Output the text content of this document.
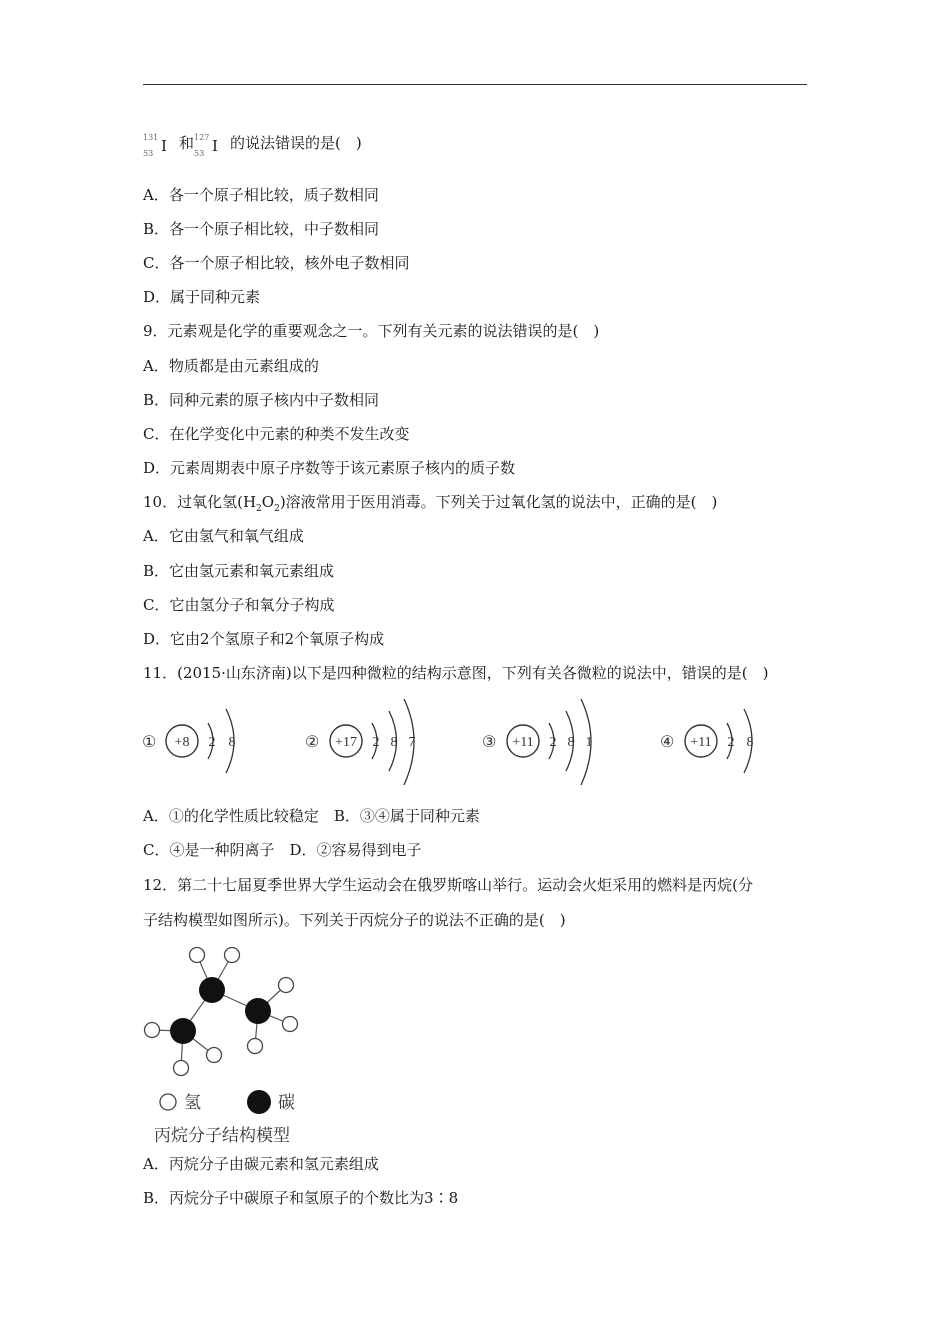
131
53 I 和 127
53 I 的说法错误的是(　)
A．各一个原子相比较，质子数相同
B．各一个原子相比较，中子数相同
C．各一个原子相比较，核外电子数相同
D．属于同种元素
9．元素观是化学的重要观念之一。下列有关元素的说法错误的是(　)
A．物质都是由元素组成的
B．同种元素的原子核内中子数相同
C．在化学变化中元素的种类不发生改变
D．元素周期表中原子序数等于该元素原子核内的质子数
10．过氧化氢$(H_2O_2)$溶液常用于医用消毒。下列关于过氧化氢的说法中，正确的是(　)
A．它由氢气和氧气组成
B．它由氢元素和氧元素组成
C．它由氢分子和氧分子构成
D．它由2个氢原子和2个氧原子构成
11．(2015·山东济南)以下是四种微粒的结构示意图，下列有关各微粒的说法中，错误的是(　)
① +8 2 8	② +17 2 8 7	③ +11 2 8 1	④ +11 2 8
A．①的化学性质比较稳定　B．③④属于同种元素
C．④是一种阴离子　D．②容易得到电子
12．第二十七届夏季世界大学生运动会在俄罗斯喀山举行。运动会火炬采用的燃料是丙烷(分
子结构模型如图所示)。下列关于丙烷分子的说法不正确的是(　)
氢	碳
丙烷分子结构模型
A．丙烷分子由碳元素和氢元素组成
B．丙烷分子中碳原子和氢原子的个数比为3∶8
